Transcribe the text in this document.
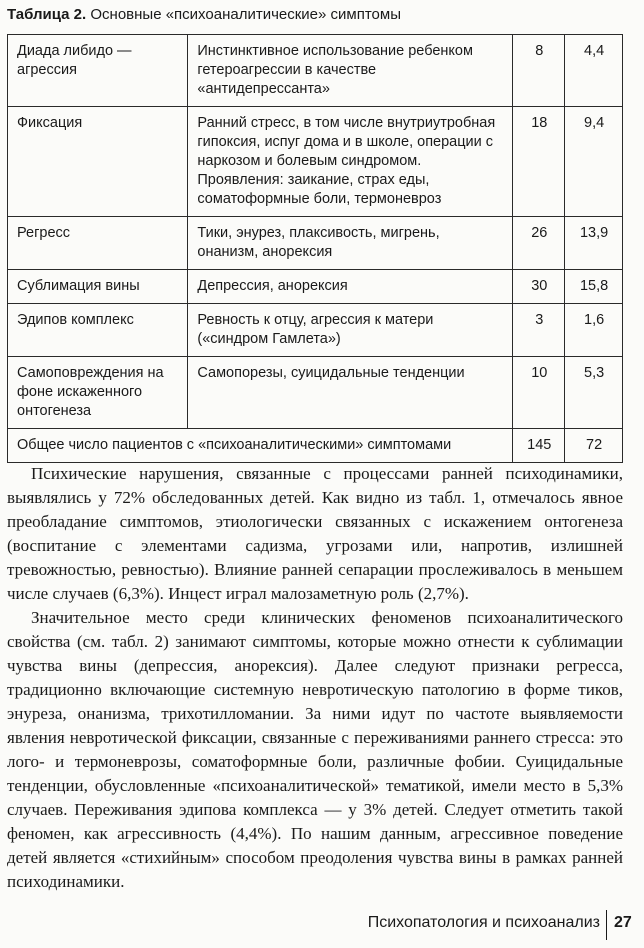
Таблица 2. Основные «психоаналитические» симптомы
Диада либидо — агрессия	Инстинктивное использование ребенком гетероагрессии в качестве «антидепрессанта»	8	4,4
Фиксация	Ранний стресс, в том числе внутриутробная гипоксия, испуг дома и в школе, операции с наркозом и болевым синдромом. Проявления: заикание, страх еды, соматоформные боли, термоневроз	18	9,4
Регресс	Тики, энурез, плаксивость, мигрень, онанизм, анорексия	26	13,9
Сублимация вины	Депрессия, анорексия	30	15,8
Эдипов комплекс	Ревность к отцу, агрессия к матери («синдром Гамлета»)	3	1,6
Самоповреждения на фоне искаженного онтогенеза	Самопорезы, суицидальные тенденции	10	5,3
Общее число пациентов с «психоаналитическими» симптомами		145	72

Психические нарушения, связанные с процессами ранней психодинамики, выявлялись у 72% обследованных детей. Как видно из табл. 1, отмечалось явное преобладание симптомов, этиологически связанных с искажением онтогенеза (воспитание с элементами садизма, угрозами или, напротив, излишней тревожностью, ревностью). Влияние ранней сепарации прослеживалось в меньшем числе случаев (6,3%). Инцест играл малозаметную роль (2,7%).

Значительное место среди клинических феноменов психоаналитического свойства (см. табл. 2) занимают симптомы, которые можно отнести к сублимации чувства вины (депрессия, анорексия). Далее следуют признаки регресса, традиционно включающие системную невротическую патологию в форме тиков, энуреза, онанизма, трихотилломании. За ними идут по частоте выявляемости явления невротической фиксации, связанные с переживаниями раннего стресса: это лого- и термоневрозы, соматоформные боли, различные фобии. Суицидальные тенденции, обусловленные «психоаналитической» тематикой, имели место в 5,3% случаев. Переживания эдипова комплекса — у 3% детей. Следует отметить такой феномен, как агрессивность (4,4%). По нашим данным, агрессивное поведение детей является «стихийным» способом преодоления чувства вины в рамках ранней психодинамики.

Психопатология и психоанализ 27
